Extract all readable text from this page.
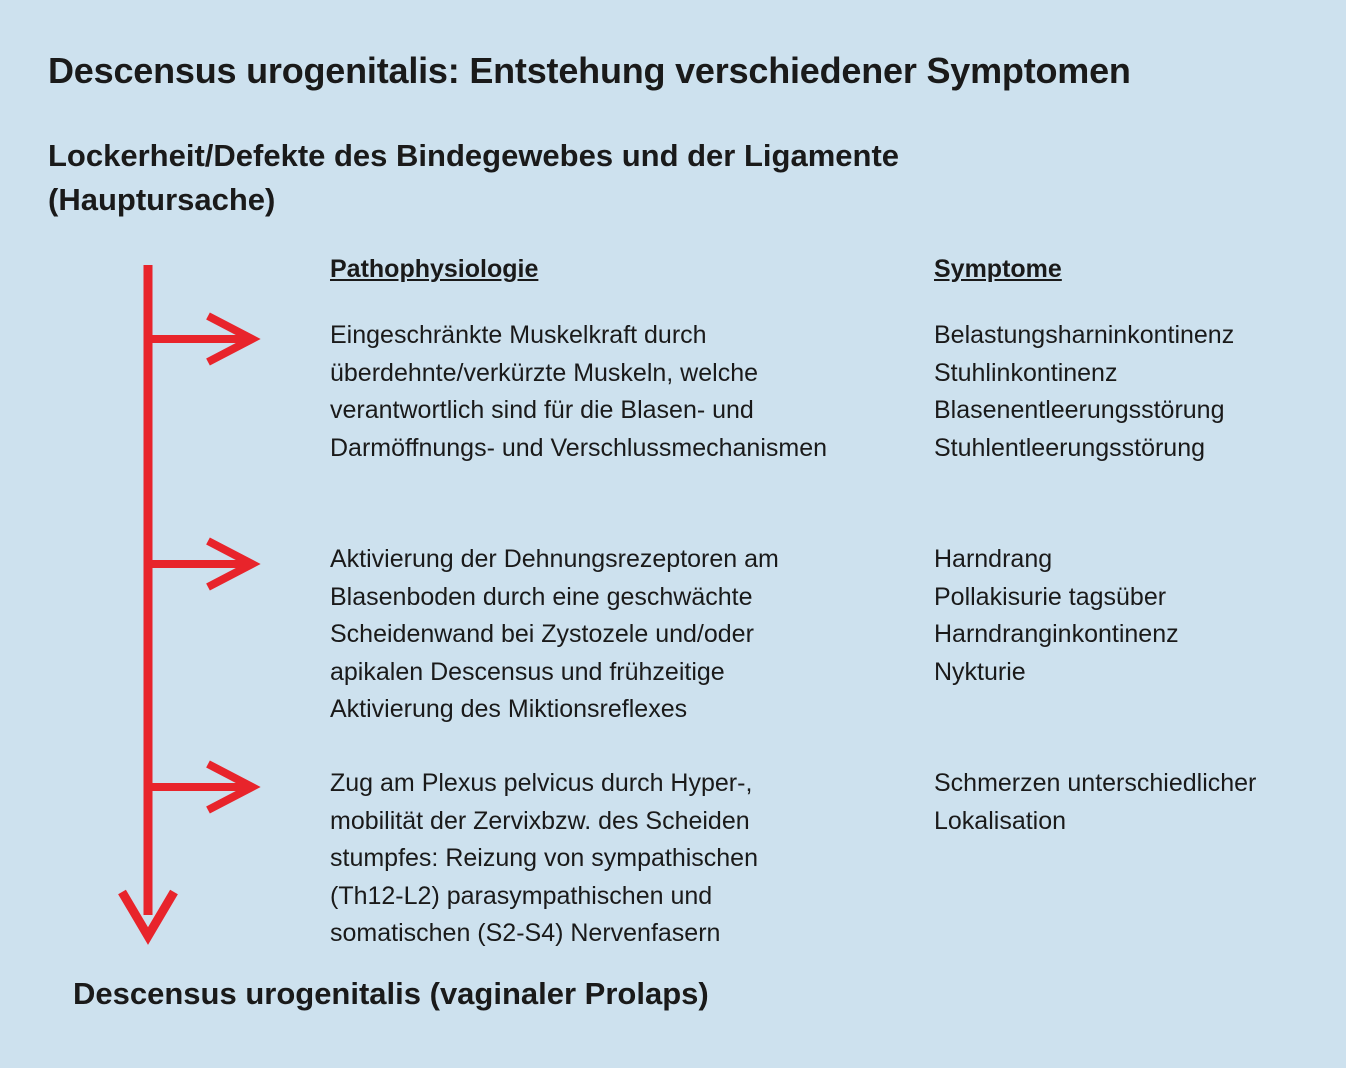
Descensus urogenitalis: Entstehung verschiedener Symptomen
Lockerheit/Defekte des Bindegewebes und der Ligamente
(Hauptursache)
Pathophysiologie	Symptome
Eingeschränkte Muskelkraft durch
überdehnte/verkürzte Muskeln, welche
verantwortlich sind für die Blasen- und
Darmöffnungs- und Verschlussmechanismen
Belastungsharninkontinenz
Stuhlinkontinenz
Blasenentleerungsstörung
Stuhlentleerungsstörung
Aktivierung der Dehnungsrezeptoren am
Blasenboden durch eine geschwächte
Scheidenwand bei Zystozele und/oder
apikalen Descensus und frühzeitige
Aktivierung des Miktionsreflexes
Harndrang
Pollakisurie tagsüber
Harndranginkontinenz
Nykturie
Zug am Plexus pelvicus durch Hyper-,
mobilität der Zervixbzw. des Scheiden
stumpfes: Reizung von sympathischen
(Th12-L2) parasympathischen und
somatischen (S2-S4) Nervenfasern
Schmerzen unterschiedlicher
Lokalisation
Descensus urogenitalis (vaginaler Prolaps)
